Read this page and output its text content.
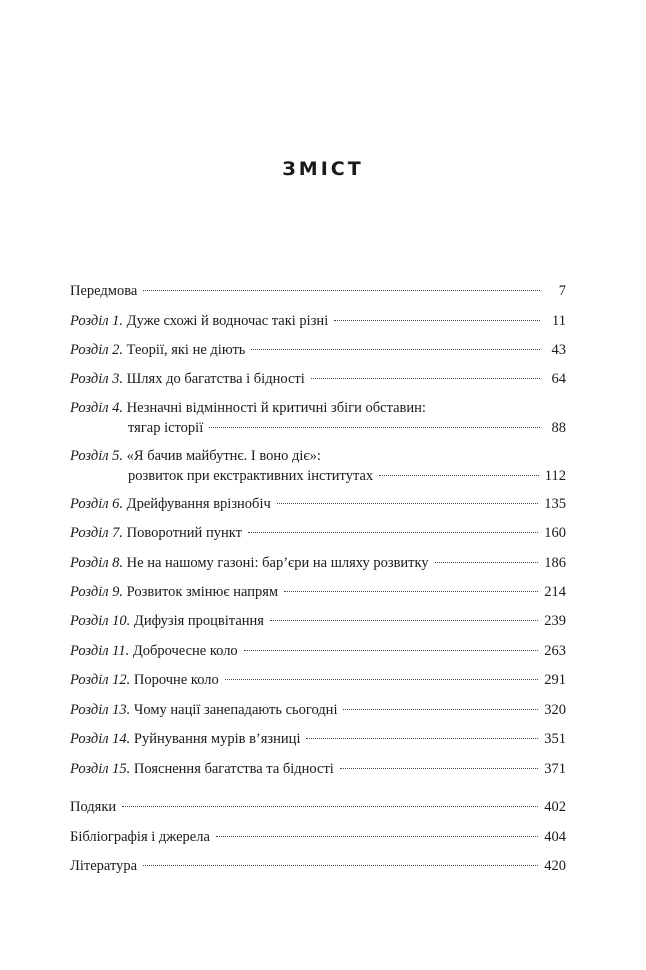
ЗМІСТ
Передмова	7
Розділ 1. Дуже схожі й водночас такі різні	11
Розділ 2. Теорії, які не діють	43
Розділ 3. Шлях до багатства і бідності	64
Розділ 4. Незначні відмінності й критичні збіги обставин:
тягар історії	88
Розділ 5. «Я бачив майбутнє. І воно діє»:
розвиток при екстрактивних інститутах	112
Розділ 6. Дрейфування врізнобіч	135
Розділ 7. Поворотний пункт	160
Розділ 8. Не на нашому газоні: бар’єри на шляху розвитку	186
Розділ 9. Розвиток змінює напрям	214
Розділ 10. Дифузія процвітання	239
Розділ 11. Доброчесне коло	263
Розділ 12. Порочне коло	291
Розділ 13. Чому нації занепадають сьогодні	320
Розділ 14. Руйнування мурів в’язниці	351
Розділ 15. Пояснення багатства та бідності	371
Подяки	402
Бібліографія і джерела	404
Література	420
